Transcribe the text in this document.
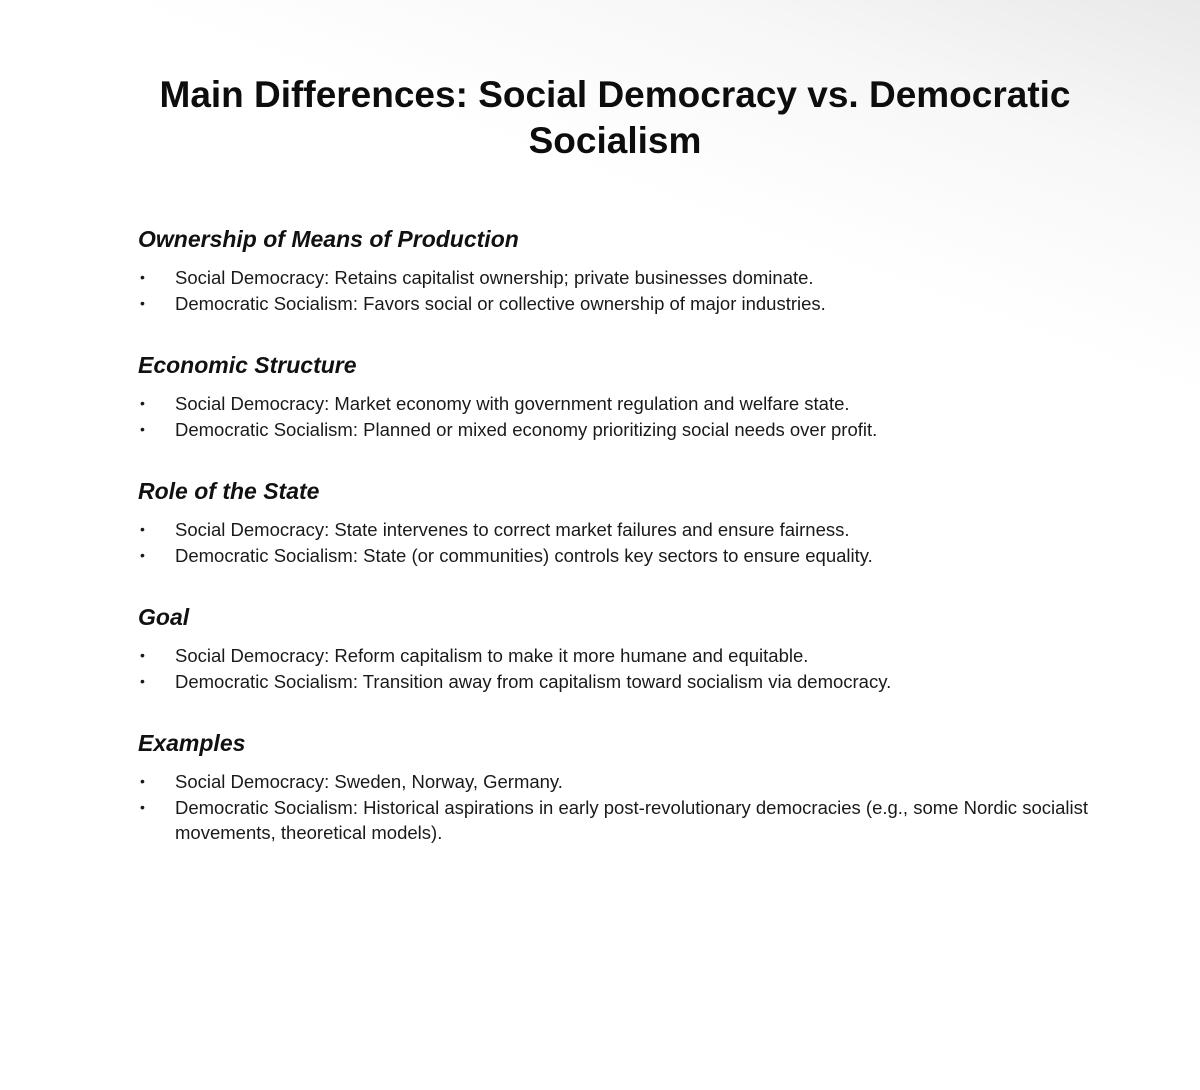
Main Differences: Social Democracy vs. Democratic
Socialism
Ownership of Means of Production
• Social Democracy: Retains capitalist ownership; private businesses dominate.
• Democratic Socialism: Favors social or collective ownership of major industries.
Economic Structure
• Social Democracy: Market economy with government regulation and welfare state.
• Democratic Socialism: Planned or mixed economy prioritizing social needs over profit.
Role of the State
• Social Democracy: State intervenes to correct market failures and ensure fairness.
• Democratic Socialism: State (or communities) controls key sectors to ensure equality.
Goal
• Social Democracy: Reform capitalism to make it more humane and equitable.
• Democratic Socialism: Transition away from capitalism toward socialism via democracy.
Examples
• Social Democracy: Sweden, Norway, Germany.
• Democratic Socialism: Historical aspirations in early post-revolutionary democracies (e.g., some Nordic socialist movements, theoretical models).
